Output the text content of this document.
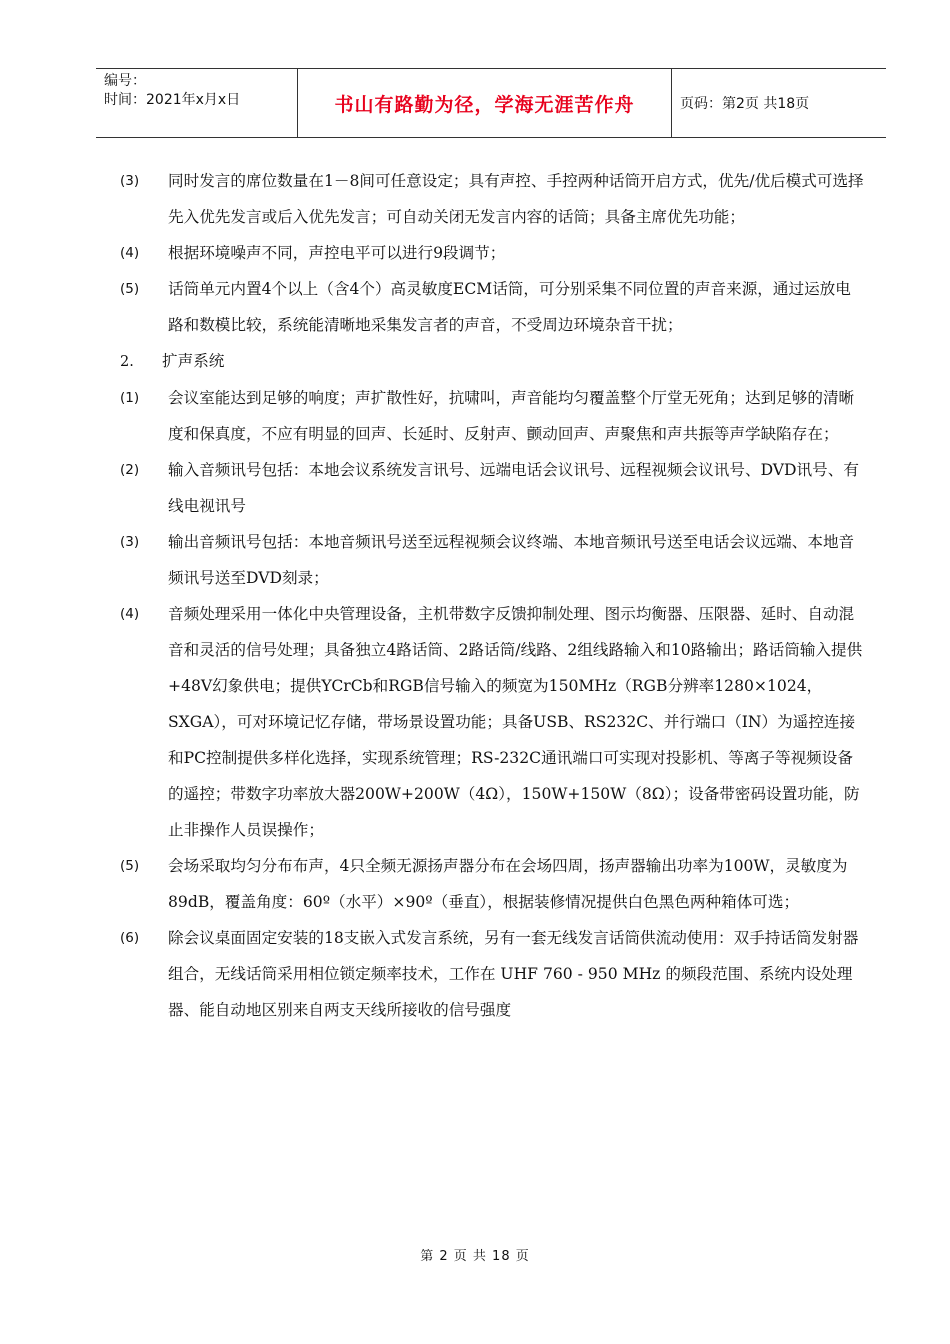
编号：
时间：2021年x月x日	书山有路勤为径，学海无涯苦作舟	页码：第2页 共18页
(3)	同时发言的席位数量在1－8间可任意设定；具有声控、手控两种话筒开启方式，优先/优后模式可选择先入优先发言或后入优先发言；可自动关闭无发言内容的话筒；具备主席优先功能；
(4)	根据环境噪声不同，声控电平可以进行9段调节；
(5)	话筒单元内置4个以上（含4个）高灵敏度ECM话筒，可分别采集不同位置的声音来源，通过运放电路和数模比较，系统能清晰地采集发言者的声音，不受周边环境杂音干扰；
2. 扩声系统
(1)	会议室能达到足够的响度；声扩散性好，抗啸叫，声音能均匀覆盖整个厅堂无死角；达到足够的清晰度和保真度，不应有明显的回声、长延时、反射声、颤动回声、声聚焦和声共振等声学缺陷存在；
(2)	输入音频讯号包括：本地会议系统发言讯号、远端电话会议讯号、远程视频会议讯号、DVD讯号、有线电视讯号
(3)	输出音频讯号包括：本地音频讯号送至远程视频会议终端、本地音频讯号送至电话会议远端、本地音频讯号送至DVD刻录；
(4)	音频处理采用一体化中央管理设备，主机带数字反馈抑制处理、图示均衡器、压限器、延时、自动混音和灵活的信号处理；具备独立4路话筒、2路话筒/线路、2组线路输入和10路输出；路话筒输入提供+48V幻象供电；提供YCrCb和RGB信号输入的频宽为150MHz（RGB分辨率1280×1024，SXGA），可对环境记忆存储，带场景设置功能；具备USB、RS232C、并行端口（IN）为遥控连接和PC控制提供多样化选择，实现系统管理；RS-232C通讯端口可实现对投影机、等离子等视频设备的遥控；带数字功率放大器200W+200W（4Ω），150W+150W（8Ω）；设备带密码设置功能，防止非操作人员误操作；
(5)	会场采取均匀分布布声，4只全频无源扬声器分布在会场四周，扬声器输出功率为100W，灵敏度为89dB，覆盖角度：60º（水平）×90º（垂直），根据装修情况提供白色黑色两种箱体可选；
(6)	除会议桌面固定安装的18支嵌入式发言系统，另有一套无线发言话筒供流动使用：双手持话筒发射器组合，无线话筒采用相位锁定频率技术，工作在 UHF 760 - 950 MHz 的频段范围、系统内设处理器、能自动地区别来自两支天线所接收的信号强度
第 2 页 共 18 页
